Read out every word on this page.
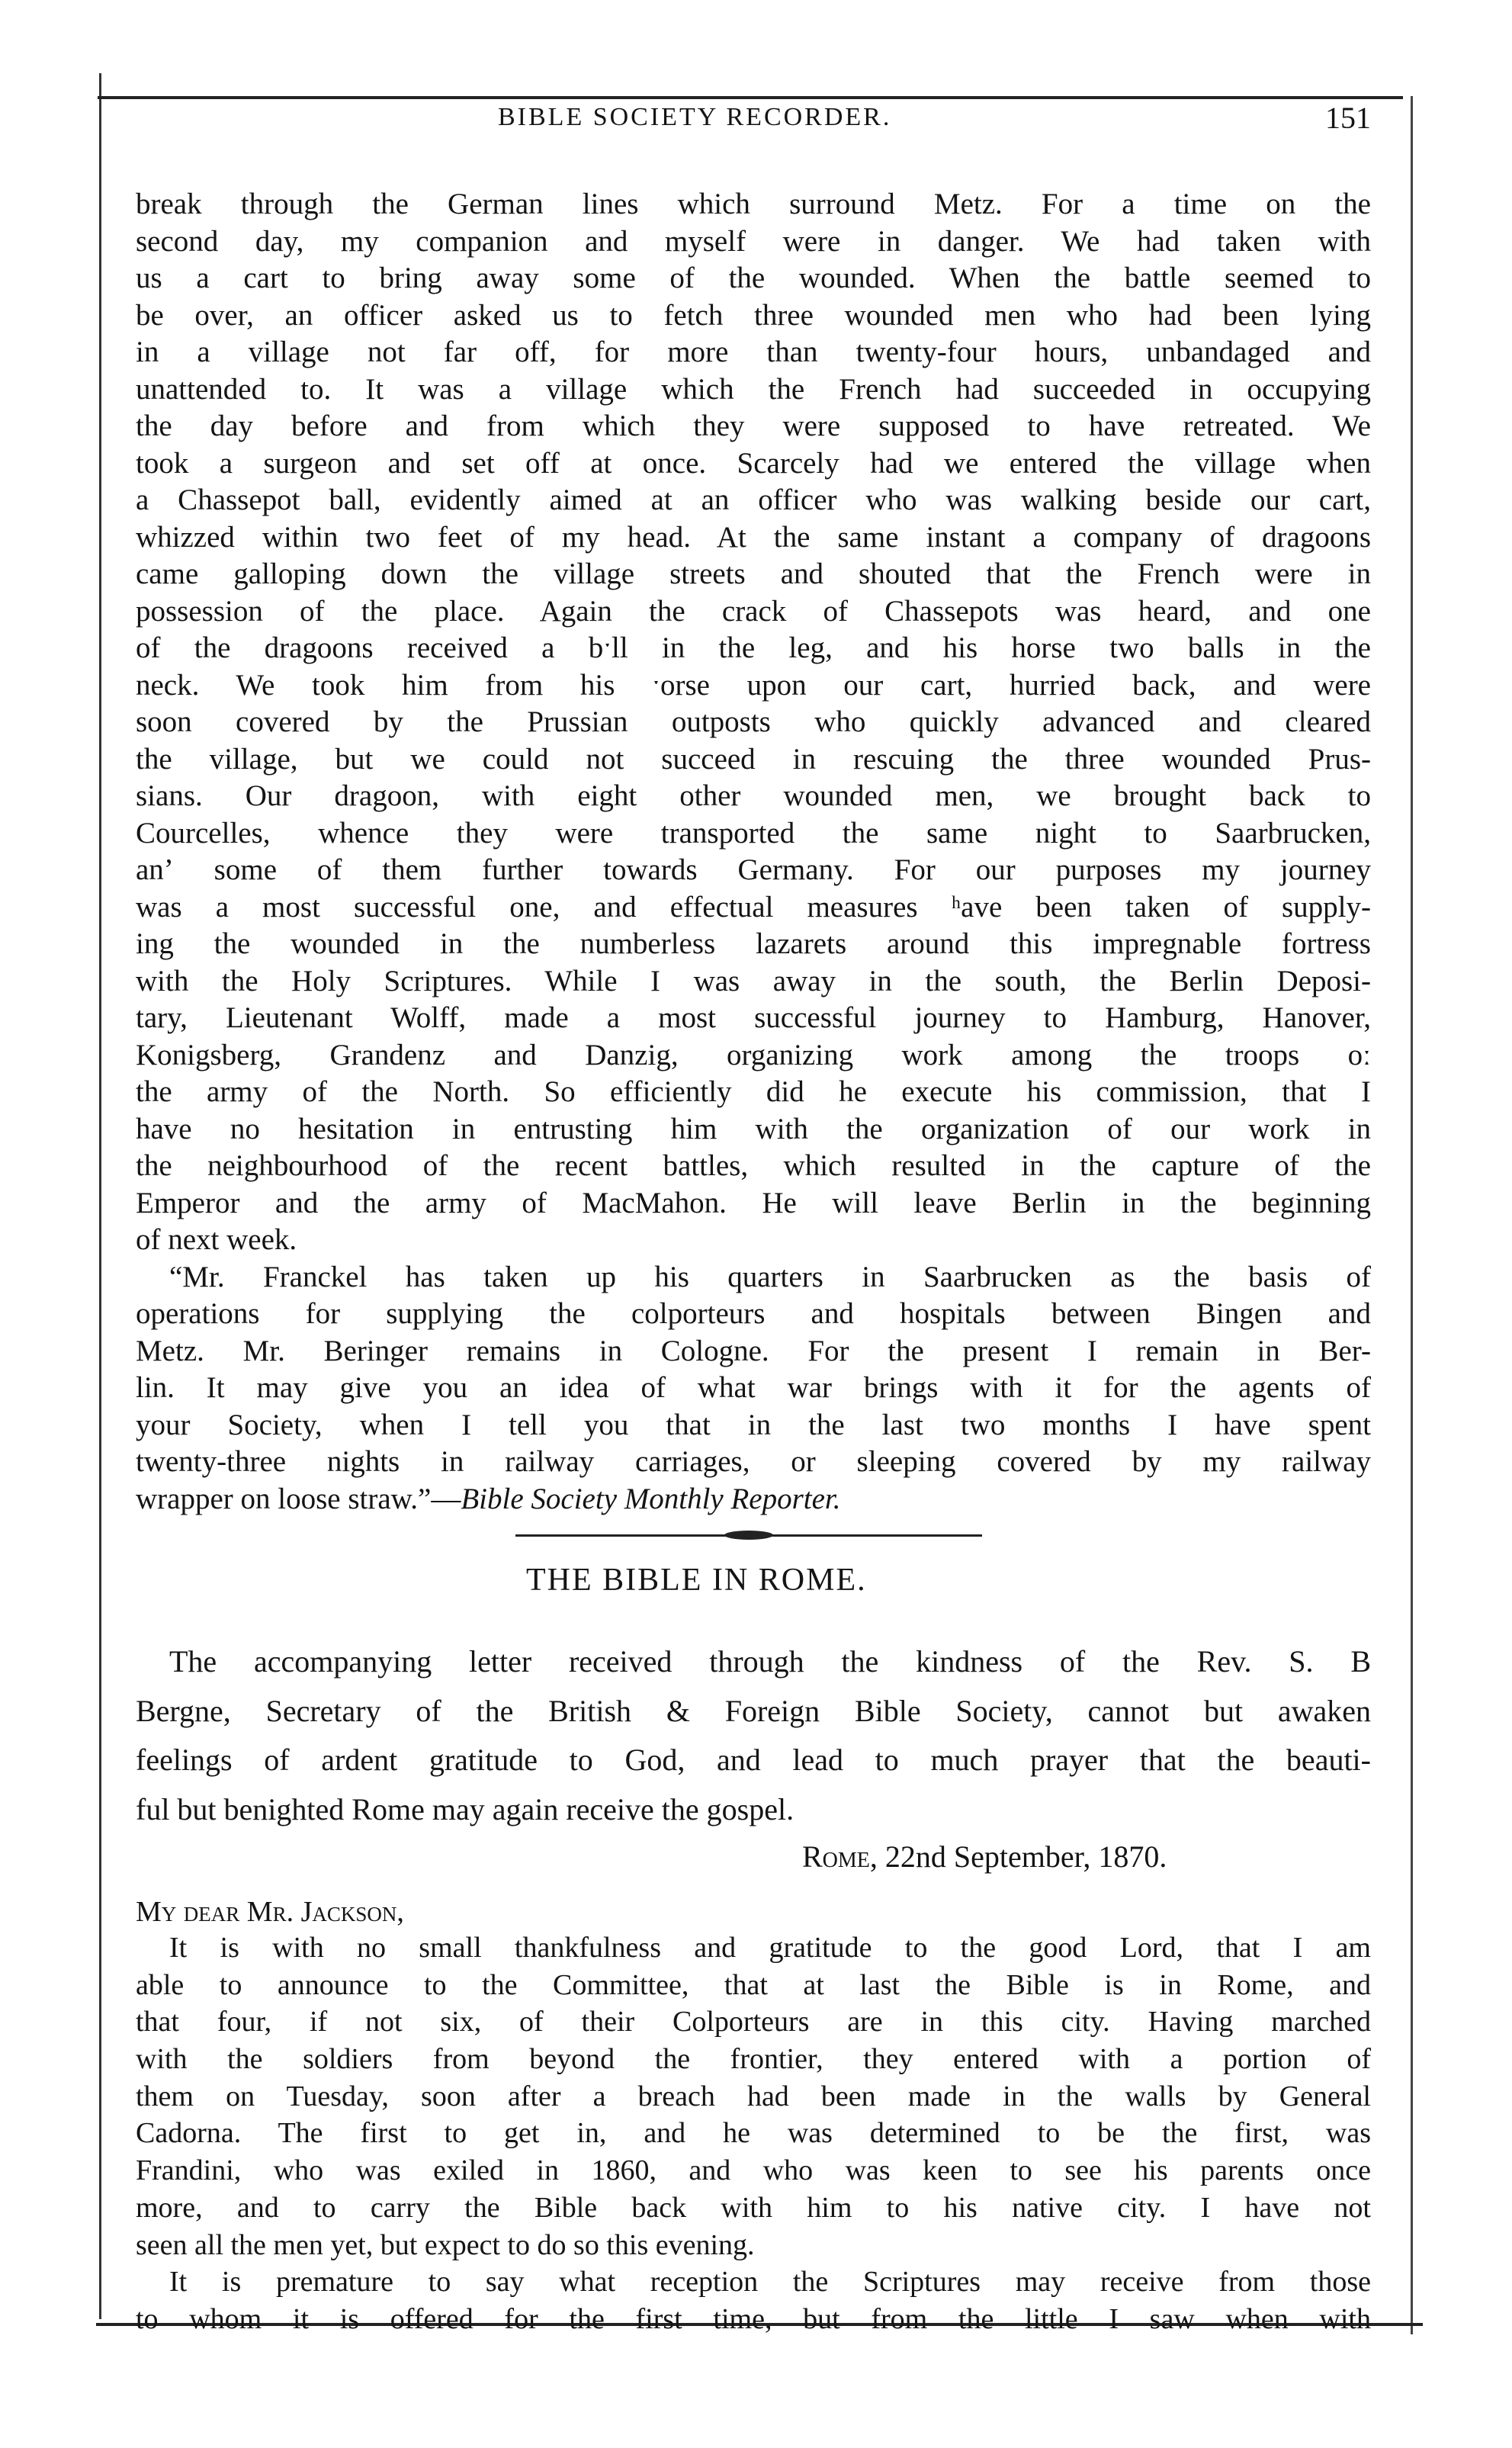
BIBLE SOCIETY RECORDER.	151
break through the German lines which surround Metz. For a time on the
second day, my companion and myself were in danger. We had taken with
us a cart to bring away some of the wounded. When the battle seemed to
be over, an officer asked us to fetch three wounded men who had been lying
in a village not far off, for more than twenty-four hours, unbandaged and
unattended to. It was a village which the French had succeeded in occupying
the day before and from which they were supposed to have retreated. We
took a surgeon and set off at once. Scarcely had we entered the village when
a Chassepot ball, evidently aimed at an officer who was walking beside our cart,
whizzed within two feet of my head. At the same instant a company of dragoons
came galloping down the village streets and shouted that the French were in
possession of the place. Again the crack of Chassepots was heard, and one
of the dragoons received a bˑll in the leg, and his horse two balls in the
neck. We took him from his ˑorse upon our cart, hurried back, and were
soon covered by the Prussian outposts who quickly advanced and cleared
the village, but we could not succeed in rescuing the three wounded Prus-
sians. Our dragoon, with eight other wounded men, we brought back to
Courcelles, whence they were transported the same night to Saarbrucken,
anʼ some of them further towards Germany. For our purposes my journey
was a most successful one, and effectual measures ʰave been taken of supply-
ing the wounded in the numberless lazarets around this impregnable fortress
with the Holy Scriptures. While I was away in the south, the Berlin Deposi-
tary, Lieutenant Wolff, made a most successful journey to Hamburg, Hanover,
Konigsberg, Grandenz and Danzig, organizing work among the troops oː
the army of the North. So efficiently did he execute his commission, that I
have no hesitation in entrusting him with the organization of our work in
the neighbourhood of the recent battles, which resulted in the capture of the
Emperor and the army of MacMahon. He will leave Berlin in the beginning
of next week.
“Mr. Franckel has taken up his quarters in Saarbrucken as the basis of
operations for supplying the colporteurs and hospitals between Bingen and
Metz. Mr. Beringer remains in Cologne. For the present I remain in Ber-
lin. It may give you an idea of what war brings with it for the agents of
your Society, when I tell you that in the last two months I have spent
twenty-three nights in railway carriages, or sleeping covered by my railway
wrapper on loose straw.”—Bible Society Monthly Reporter.
THE BIBLE IN ROME.
The accompanying letter received through the kindness of the Rev. S. B
Bergne, Secretary of the British & Foreign Bible Society, cannot but awaken
feelings of ardent gratitude to God, and lead to much prayer that the beauti-
ful but benighted Rome may again receive the gospel.
Rome, 22nd September, 1870.
My dear Mr. Jackson,
It is with no small thankfulness and gratitude to the good Lord, that I am
able to announce to the Committee, that at last the Bible is in Rome, and
that four, if not six, of their Colporteurs are in this city. Having marched
with the soldiers from beyond the frontier, they entered with a portion of
them on Tuesday, soon after a breach had been made in the walls by General
Cadorna. The first to get in, and he was determined to be the first, was
Frandini, who was exiled in 1860, and who was keen to see his parents once
more, and to carry the Bible back with him to his native city. I have not
seen all the men yet, but expect to do so this evening.
It is premature to say what reception the Scriptures may receive from those
to whom it is offered for the first time, but from the little I saw when with
